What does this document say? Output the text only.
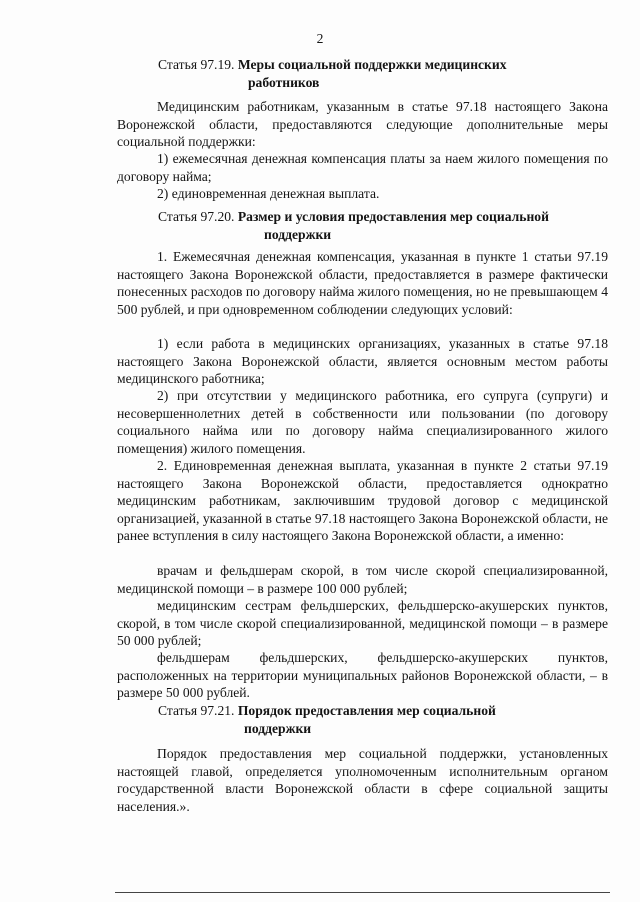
2
Статья 97.19. Меры социальной поддержки медицинских
работников
Медицинским работникам, указанным в статье 97.18 настоящего Закона Воронежской области, предоставляются следующие дополнительные меры социальной поддержки:
1) ежемесячная денежная компенсация платы за наем жилого помещения по договору найма;
2) единовременная денежная выплата.
Статья 97.20. Размер и условия предоставления мер социальной
поддержки
1. Ежемесячная денежная компенсация, указанная в пункте 1 статьи 97.19 настоящего Закона Воронежской области, предоставляется в размере фактически понесенных расходов по договору найма жилого помещения, но не превышающем 4 500 рублей, и при одновременном соблюдении следующих условий:
1) если работа в медицинских организациях, указанных в статье 97.18 настоящего Закона Воронежской области, является основным местом работы медицинского работника;
2) при отсутствии у медицинского работника, его супруга (супруги) и несовершеннолетних детей в собственности или пользовании (по договору социального найма или по договору найма специализированного жилого помещения) жилого помещения.
2. Единовременная денежная выплата, указанная в пункте 2 статьи 97.19 настоящего Закона Воронежской области, предоставляется однократно медицинским работникам, заключившим трудовой договор с медицинской организацией, указанной в статье 97.18 настоящего Закона Воронежской области, не ранее вступления в силу настоящего Закона Воронежской области, а именно:
врачам и фельдшерам скорой, в том числе скорой специализированной, медицинской помощи – в размере 100 000 рублей;
медицинским сестрам фельдшерских, фельдшерско-акушерских пунктов, скорой, в том числе скорой специализированной, медицинской помощи – в размере 50 000 рублей;
фельдшерам фельдшерских, фельдшерско-акушерских пунктов, расположенных на территории муниципальных районов Воронежской области, – в размере 50 000 рублей.
Статья 97.21. Порядок предоставления мер социальной
поддержки
Порядок предоставления мер социальной поддержки, установленных настоящей главой, определяется уполномоченным исполнительным органом государственной власти Воронежской области в сфере социальной защиты населения.».
